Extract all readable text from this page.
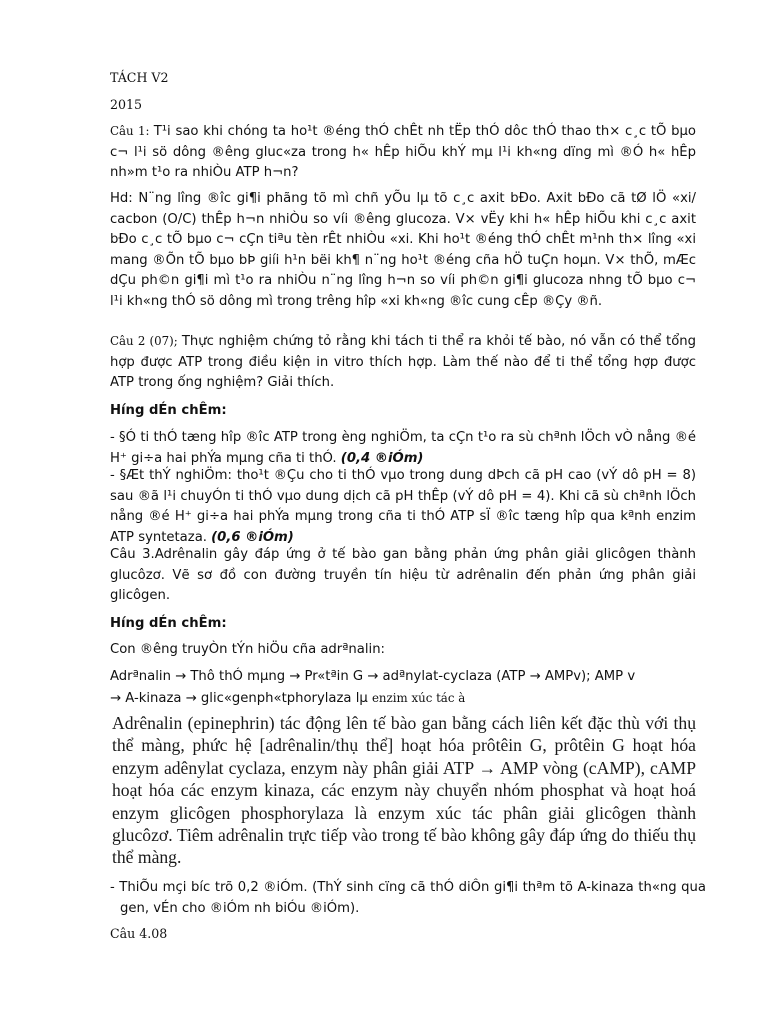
TÁCH V2

2015

Câu 1: T¹i sao khi chóng ta ho¹t ®éng thÓ chÊt nh tËp thÓ dôc thÓ thao th× c¸c tÕ bµo c¬ l¹i sö dông ®êng gluc«za trong h« hÊp hiÕu khÝ mµ l¹i kh«ng dïng mì ®Ó h« hÊp nh»m t¹o ra nhiÒu ATP h¬n?

Hd: N¨ng lîng ®îc gi¶i phãng tõ mì chñ yÕu lµ tõ c¸c axit bÐo. Axit bÐo cã tØ lÖ «xi/ cacbon (O/C) thÊp h¬n nhiÒu so víi ®êng glucoza. V× vËy khi h« hÊp hiÕu khi c¸c axit bÐo c¸c tÕ bµo c¬ cÇn tiªu tèn rÊt nhiÒu «xi. Khi ho¹t ®éng thÓ chÊt m¹nh th× lîng «xi mang ®Õn tÕ bµo bÞ giíi h¹n bëi kh¶ n¨ng ho¹t ®éng cña hÖ tuÇn hoµn. V× thÕ, mÆc dÇu ph©n gi¶i mì t¹o ra nhiÒu n¨ng lîng h¬n so víi ph©n gi¶i glucoza nhng tÕ bµo c¬ l¹i kh«ng thÓ sö dông mì trong trêng hîp «xi kh«ng ®îc cung cÊp ®Çy ®ñ.

Câu 2 (07); Thực nghiệm chứng tỏ rằng khi tách ti thể ra khỏi tế bào, nó vẫn có thể tổng hợp được ATP trong điều kiện in vitro thích hợp. Làm thế nào để ti thể tổng hợp được ATP trong ống nghiệm? Giải thích.

Híng dÉn chÊm:

- §Ó ti thÓ tæng hîp ®îc ATP trong èng nghiÖm, ta cÇn t¹o ra sù chªnh lÖch vÒ nång ®é H⁺ gi÷a hai phÝa mµng cña ti thÓ. (0,4 ®iÓm)

- §Æt thÝ nghiÖm: tho¹t ®Çu cho ti thÓ vµo trong dung dÞch cã pH cao (vÝ dô pH = 8) sau ®ã l¹i chuyÓn ti thÓ vµo dung dịch cã pH thÊp (vÝ dô pH = 4). Khi cã sù chªnh lÖch nång ®é H⁺ gi÷a hai phÝa mµng trong cña ti thÓ ATP sÏ ®îc tæng hîp qua kªnh enzim ATP syntetaza. (0,6 ®iÓm)

Câu 3.Adrênalin gây đáp ứng ở tế bào gan bằng phản ứng phân giải glicôgen thành glucôzơ. Vẽ sơ đồ con đường truyền tín hiệu từ adrênalin đến phản ứng phân giải glicôgen.

Híng dÉn chÊm:

Con ®êng truyÒn tÝn hiÖu cña adrªnalin:

Adrªnalin → Thô thÓ mµng → Pr«tªin G → adªnylat-cyclaza (ATP → AMPv); AMP v
→ A-kinaza → glic«genph«tphorylaza lµ enzim xúc tác à

Adrênalin (epinephrin) tác động lên tế bào gan bằng cách liên kết đặc thù với thụ thể màng, phức hệ [adrênalin/thụ thể] hoạt hóa prôtêin G, prôtêin G hoạt hóa enzym adênylat cyclaza, enzym này phân giải ATP → AMP vòng (cAMP), cAMP hoạt hóa các enzym kinaza, các enzym này chuyển nhóm phosphat và hoạt hoá enzym glicôgen phosphorylaza là enzym xúc tác phân giải glicôgen thành glucôzơ. Tiêm adrênalin trực tiếp vào trong tế bào không gây đáp ứng do thiếu thụ thể màng.

- ThiÕu mçi bíc trõ 0,2 ®iÓm. (ThÝ sinh cïng cã thÓ diÔn gi¶i thªm tõ A-kinaza th«ng qua gen, vÉn cho ®iÓm nh biÓu ®iÓm).

Câu 4.08
